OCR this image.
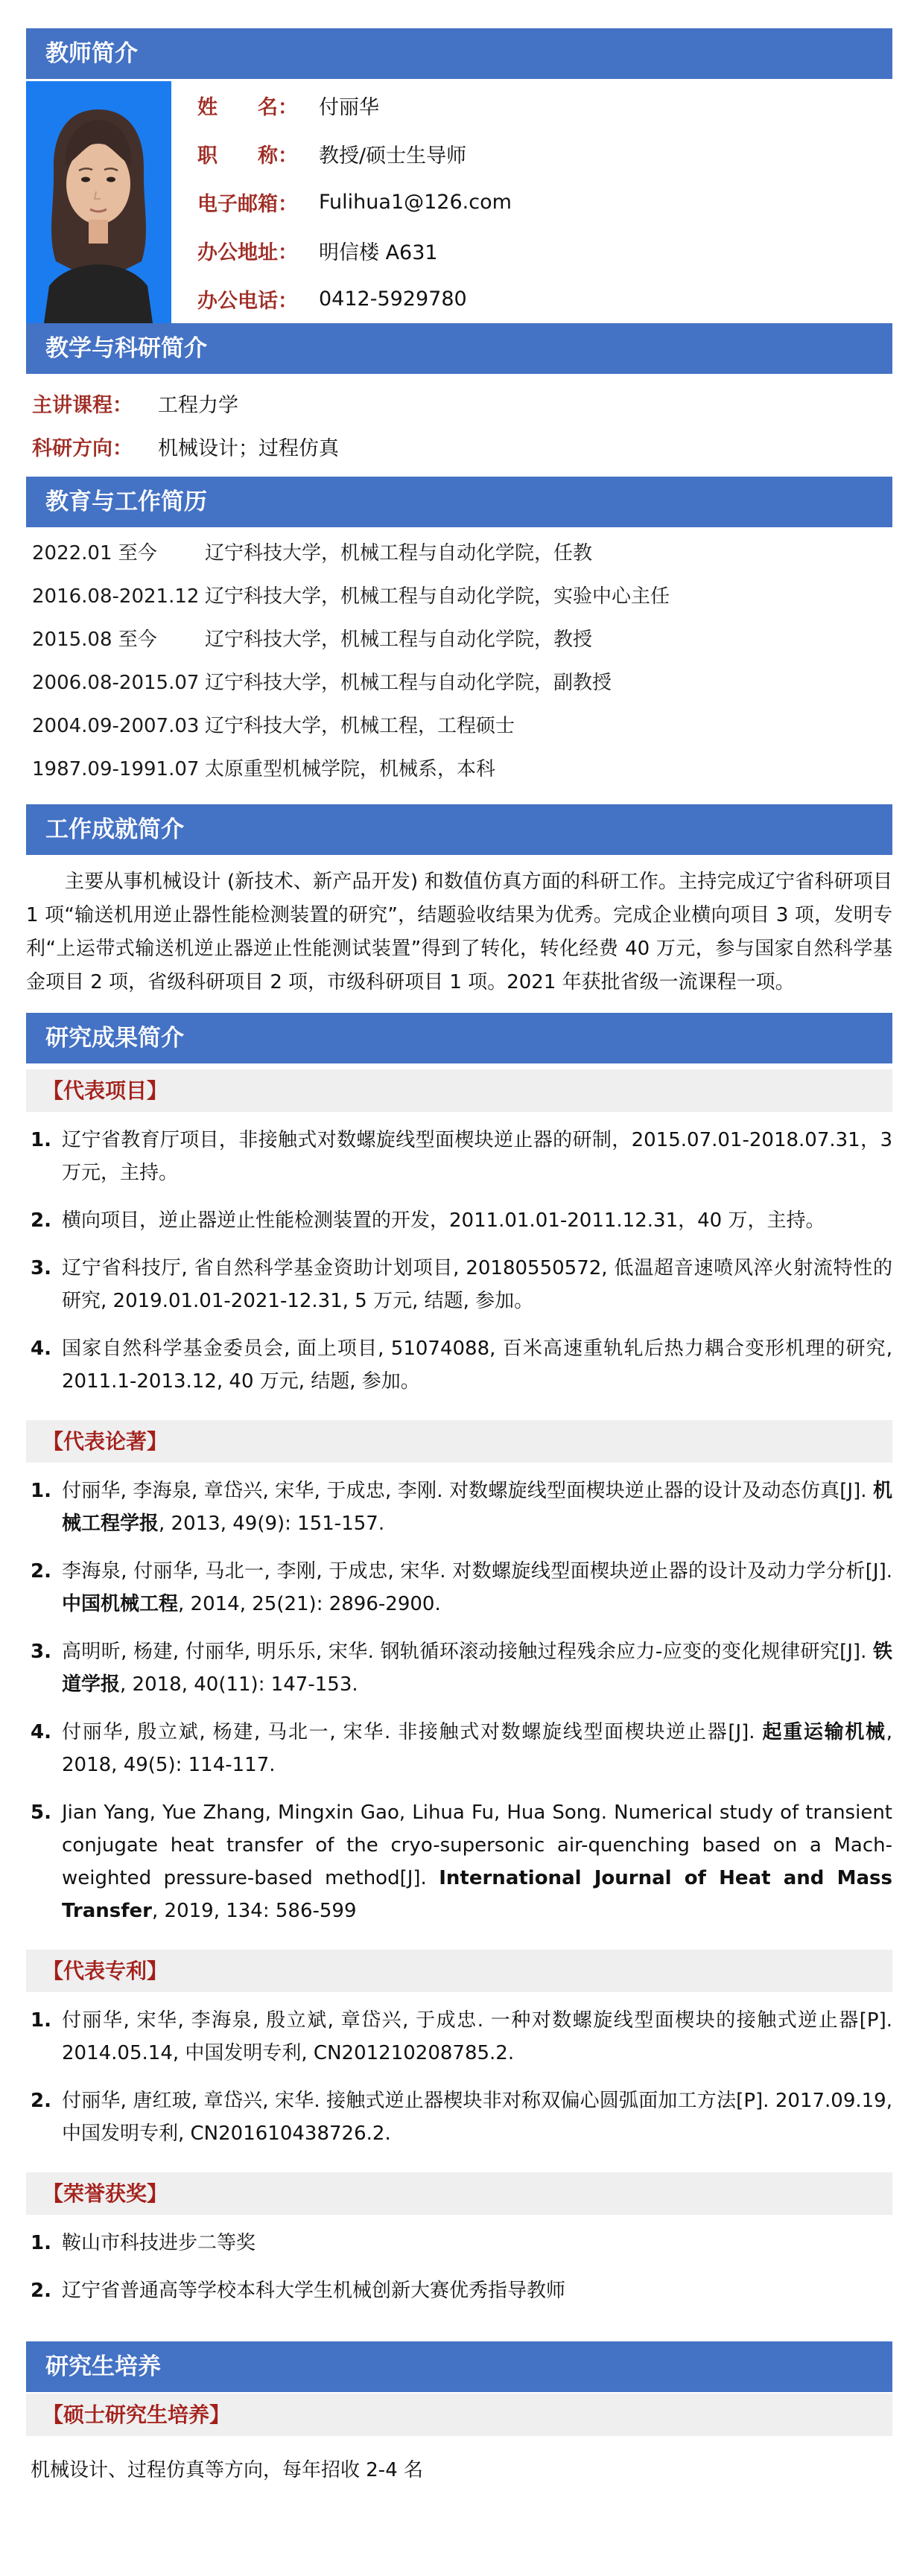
教师简介
姓　　名： 付丽华
职　　称： 教授/硕士生导师
电子邮箱： Fulihua1@126.com
办公地址： 明信楼 A631
办公电话： 0412-5929780
教学与科研简介
主讲课程： 工程力学
科研方向： 机械设计；过程仿真
教育与工作简历
2022.01 至今	辽宁科技大学，机械工程与自动化学院，任教
2016.08-2021.12 辽宁科技大学，机械工程与自动化学院，实验中心主任
2015.08 至今	辽宁科技大学，机械工程与自动化学院，教授
2006.08-2015.07 辽宁科技大学，机械工程与自动化学院，副教授
2004.09-2007.03 辽宁科技大学，机械工程，工程硕士
1987.09-1991.07 太原重型机械学院，机械系，本科
工作成就简介

主要从事机械设计 (新技术、新产品开发) 和数值仿真方面的科研工作。主持完成辽宁省科研项目 1 项“输送机用逆止器性能检测装置的研究”，结题验收结果为优秀。完成企业横向项目 3 项，发明专利“上运带式输送机逆止器逆止性能测试装置”得到了转化，转化经费 40 万元，参与国家自然科学基金项目 2 项，省级科研项目 2 项，市级科研项目 1 项。2021 年获批省级一流课程一项。

研究成果简介
【代表项目】
辽宁省教育厅项目，非接触式对数螺旋线型面楔块逆止器的研制，2015.07.01-2018.07.31，3 万元，主持。
横向项目，逆止器逆止性能检测装置的开发，2011.01.01-2011.12.31，40 万，主持。
辽宁省科技厅, 省自然科学基金资助计划项目, 20180550572, 低温超音速喷风淬火射流特性的研究, 2019.01.01-2021-12.31, 5 万元, 结题, 参加。
国家自然科学基金委员会, 面上项目, 51074088, 百米高速重轨轧后热力耦合变形机理的研究, 2011.1-2013.12, 40 万元, 结题, 参加。
【代表论著】
付丽华, 李海泉, 章岱兴, 宋华, 于成忠, 李刚. 对数螺旋线型面楔块逆止器的设计及动态仿真[J]. 机械工程学报, 2013, 49(9): 151-157.
李海泉, 付丽华, 马北一, 李刚, 于成忠, 宋华. 对数螺旋线型面楔块逆止器的设计及动力学分析[J]. 中国机械工程, 2014, 25(21): 2896-2900.
高明昕, 杨建, 付丽华, 明乐乐, 宋华. 钢轨循环滚动接触过程残余应力-应变的变化规律研究[J]. 铁道学报, 2018, 40(11): 147-153.
付丽华, 殷立斌, 杨建, 马北一, 宋华. 非接触式对数螺旋线型面楔块逆止器[J]. 起重运输机械, 2018, 49(5): 114-117.
Jian Yang, Yue Zhang, Mingxin Gao, Lihua Fu, Hua Song. Numerical study of transient conjugate heat transfer of the cryo-supersonic air-quenching based on a Mach-weighted pressure-based method[J]. International Journal of Heat and Mass Transfer, 2019, 134: 586-599
【代表专利】
付丽华, 宋华, 李海泉, 殷立斌, 章岱兴, 于成忠. 一种对数螺旋线型面楔块的接触式逆止器[P]. 2014.05.14, 中国发明专利, CN201210208785.2.
付丽华, 唐红玻, 章岱兴, 宋华. 接触式逆止器楔块非对称双偏心圆弧面加工方法[P]. 2017.09.19, 中国发明专利, CN201610438726.2.
【荣誉获奖】
鞍山市科技进步二等奖
辽宁省普通高等学校本科大学生机械创新大赛优秀指导教师
研究生培养
【硕士研究生培养】

机械设计、过程仿真等方向，每年招收 2-4 名
